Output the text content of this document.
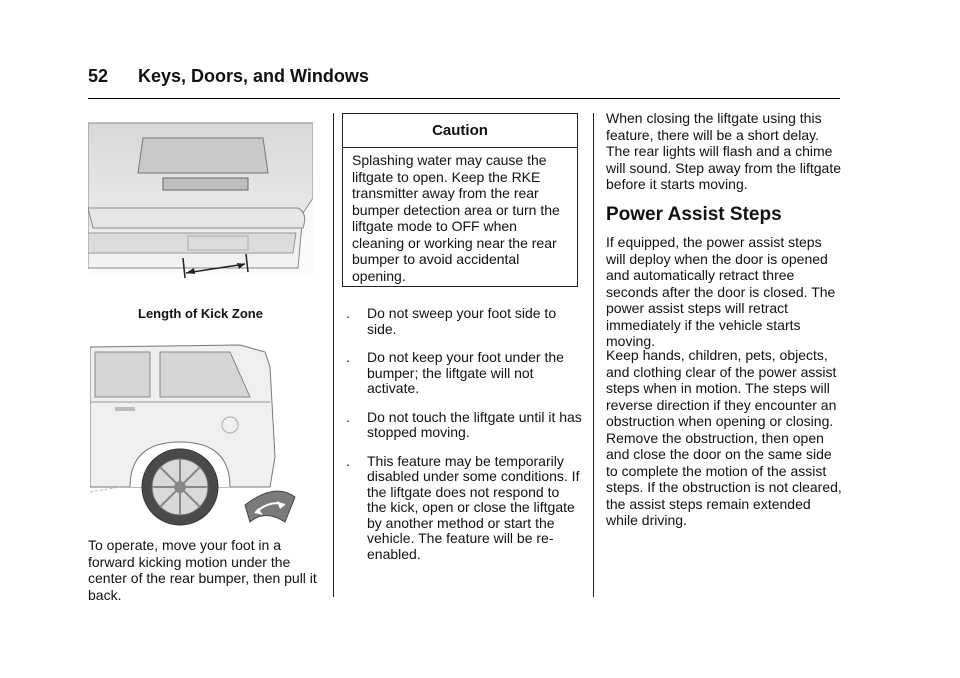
52 Keys, Doors, and Windows
Length of Kick Zone
To operate, move your foot in a forward kicking motion under the center of the rear bumper, then pull it back.
Caution
Splashing water may cause the liftgate to open. Keep the RKE transmitter away from the rear bumper detection area or turn the liftgate mode to OFF when cleaning or working near the rear bumper to avoid accidental opening.
. Do not sweep your foot side to side.
. Do not keep your foot under the bumper; the liftgate will not activate.
. Do not touch the liftgate until it has stopped moving.
. This feature may be temporarily disabled under some conditions. If the liftgate does not respond to the kick, open or close the liftgate by another method or start the vehicle. The feature will be re-enabled.
When closing the liftgate using this feature, there will be a short delay. The rear lights will flash and a chime will sound. Step away from the liftgate before it starts moving.
Power Assist Steps
If equipped, the power assist steps will deploy when the door is opened and automatically retract three seconds after the door is closed. The power assist steps will retract immediately if the vehicle starts moving.
Keep hands, children, pets, objects, and clothing clear of the power assist steps when in motion. The steps will reverse direction if they encounter an obstruction when opening or closing. Remove the obstruction, then open and close the door on the same side to complete the motion of the assist steps. If the obstruction is not cleared, the assist steps remain extended while driving.
